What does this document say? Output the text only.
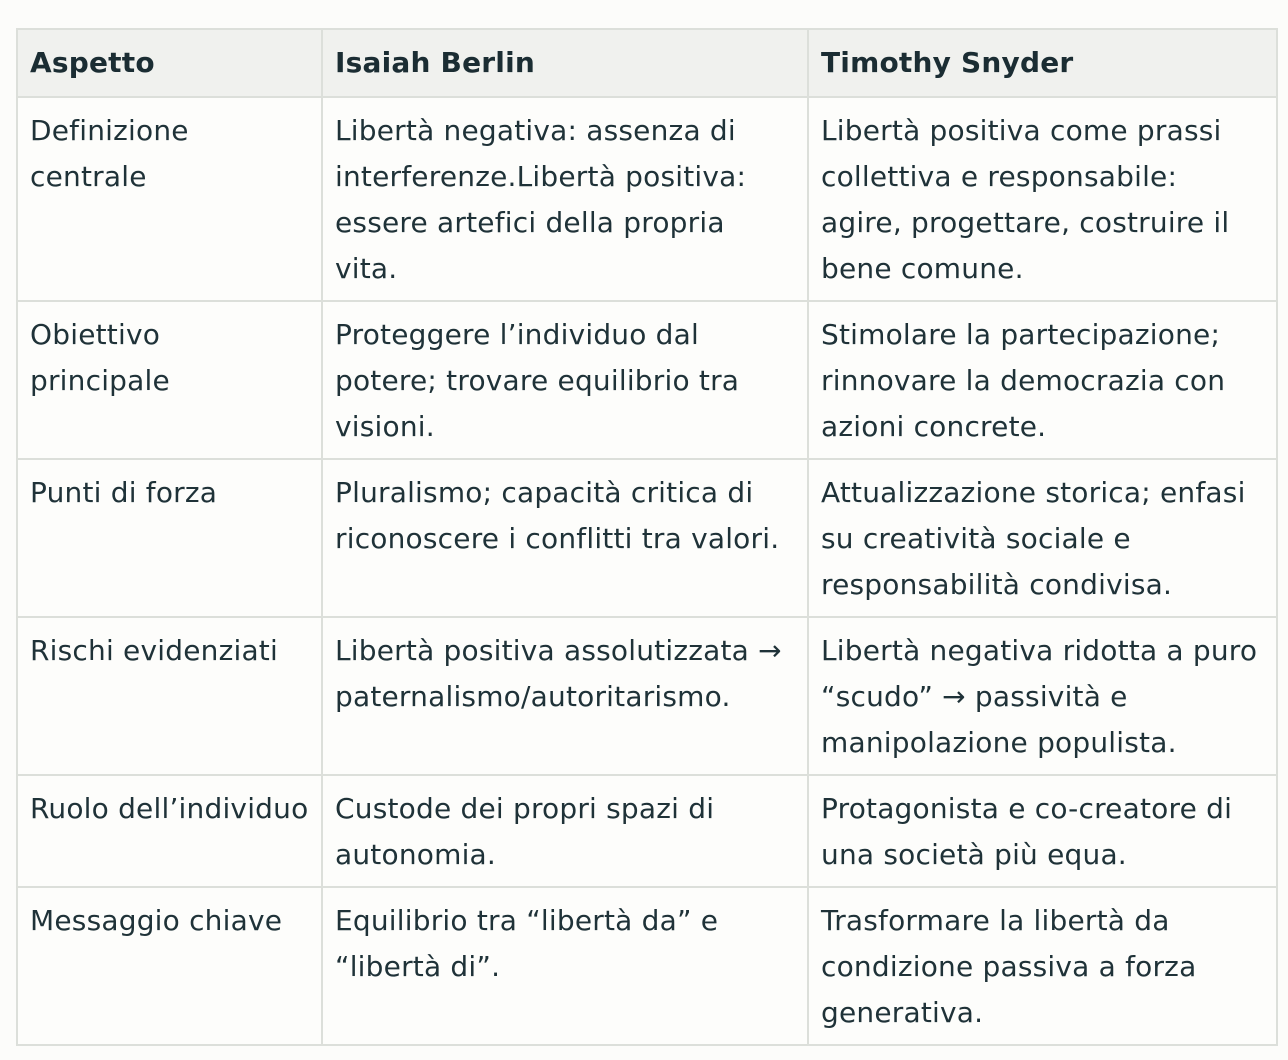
Aspetto	Isaiah Berlin	Timothy Snyder
Definizione centrale	Libertà negativa: assenza di interferenze.Libertà positiva: essere artefici della propria vita.	Libertà positiva come prassi collettiva e responsabile: agire, progettare, costruire il bene comune.
Obiettivo principale	Proteggere l’individuo dal potere; trovare equilibrio tra visioni.	Stimolare la partecipazione; rinnovare la democrazia con azioni concrete.
Punti di forza	Pluralismo; capacità critica di riconoscere i conflitti tra valori.	Attualizzazione storica; enfasi su creatività sociale e responsabilità condivisa.
Rischi evidenziati	Libertà positiva assolutizzata → paternalismo/autoritarismo.	Libertà negativa ridotta a puro “scudo” → passività e manipolazione populista.
Ruolo dell’individuo	Custode dei propri spazi di autonomia.	Protagonista e co-creatore di una società più equa.
Messaggio chiave	Equilibrio tra “libertà da” e “libertà di”.	Trasformare la libertà da condizione passiva a forza generativa.
